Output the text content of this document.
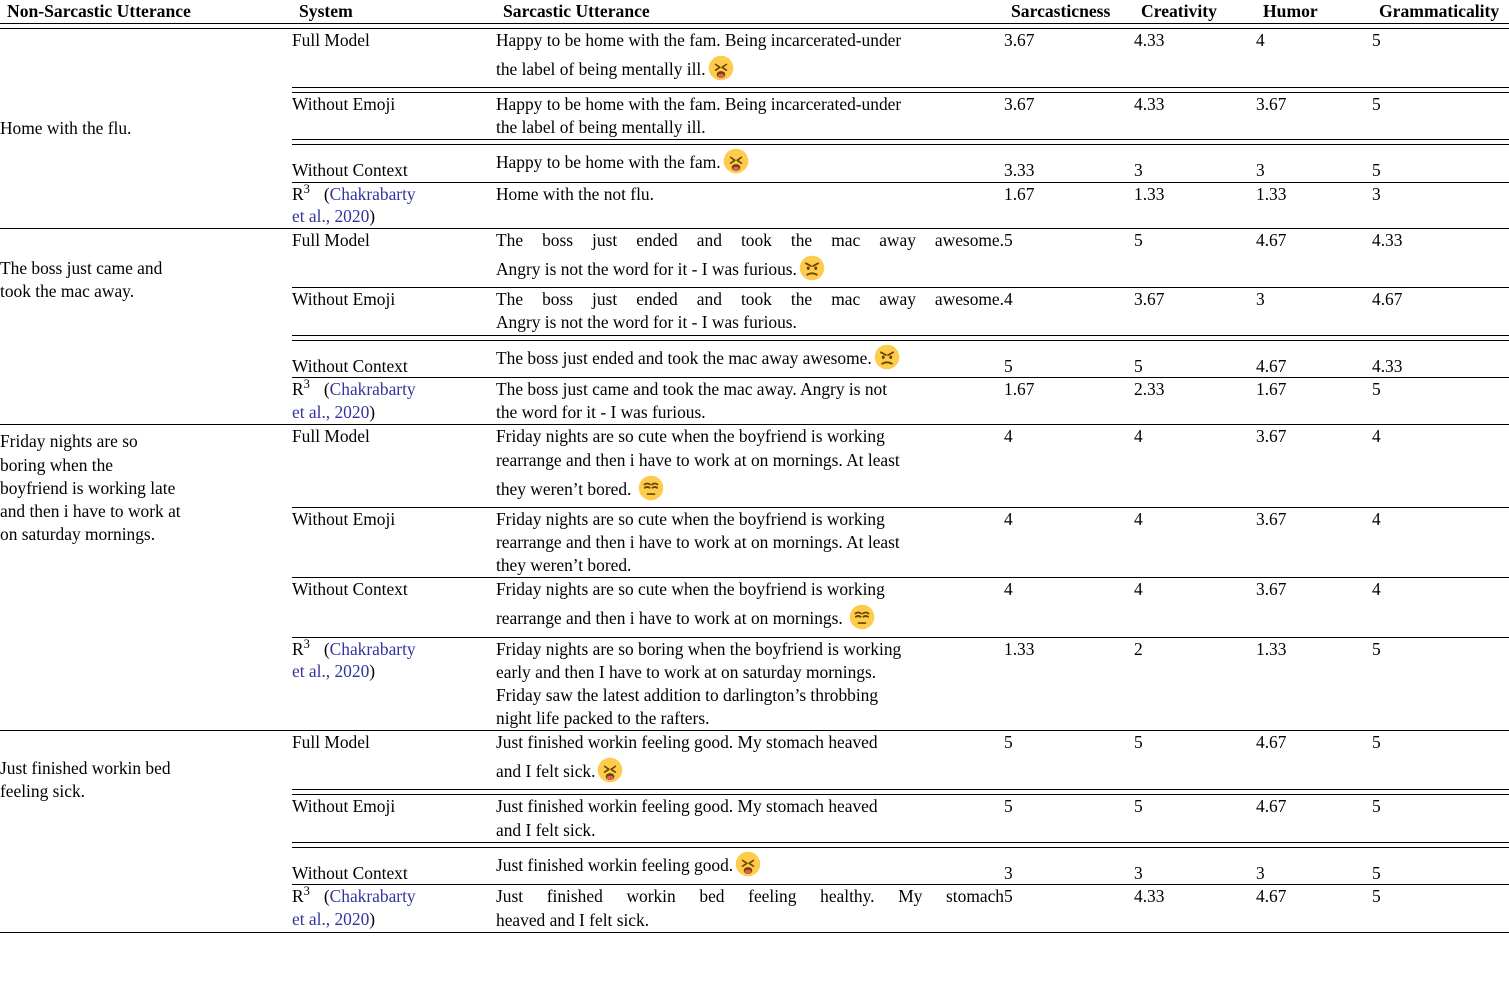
Non-Sarcastic Utterance	System	Sarcastic Utterance	Sarcasticness	Creativity	Humor	Grammaticality

Home with the flu.	Full Model	Happy to be home with the fam. Being incarcerated-under
the label of being mentally ill.	3.67	4.33	4	5

	Without Emoji	Happy to be home with the fam. Being incarcerated-under
the label of being mentally ill.	3.67	4.33	3.67	5

	Without Context	Happy to be home with the fam.	3.33	3	3	5

	$R^3$ (Chakrabarty
et al., 2020)	Home with the not flu.	1.67	1.33	1.33	3

The boss just came and
took the mac away.	Full Model	The boss just ended and took the mac away awesome.
Angry is not the word for it - I was furious.	5	5	4.67	4.33

	Without Emoji	The boss just ended and took the mac away awesome.
Angry is not the word for it - I was furious.	4	3.67	3	4.67

	Without Context	The boss just ended and took the mac away awesome.	5	5	4.67	4.33

	$R^3$ (Chakrabarty
et al., 2020)	The boss just came and took the mac away. Angry is not
the word for it - I was furious.	1.67	2.33	1.67	5

Friday nights are so
boring when the
boyfriend is working late
and then i have to work at
on saturday mornings.	Full Model	Friday nights are so cute when the boyfriend is working
rearrange and then i have to work at on mornings. At least
they weren’t bored.	4	4	3.67	4

	Without Emoji	Friday nights are so cute when the boyfriend is working
rearrange and then i have to work at on mornings. At least
they weren’t bored.	4	4	3.67	4

	Without Context	Friday nights are so cute when the boyfriend is working
rearrange and then i have to work at on mornings.	4	4	3.67	4

	$R^3$ (Chakrabarty
et al., 2020)	Friday nights are so boring when the boyfriend is working
early and then I have to work at on saturday mornings.
Friday saw the latest addition to darlington’s throbbing
night life packed to the rafters.	1.33	2	1.33	5

Just finished workin bed
feeling sick.	Full Model	Just finished workin feeling good. My stomach heaved
and I felt sick.	5	5	4.67	5

	Without Emoji	Just finished workin feeling good. My stomach heaved
and I felt sick.	5	5	4.67	5

	Without Context	Just finished workin feeling good.	3	3	3	5

	$R^3$ (Chakrabarty
et al., 2020)	Just finished workin bed feeling healthy. My stomach
heaved and I felt sick.	5	4.33	4.67	5
